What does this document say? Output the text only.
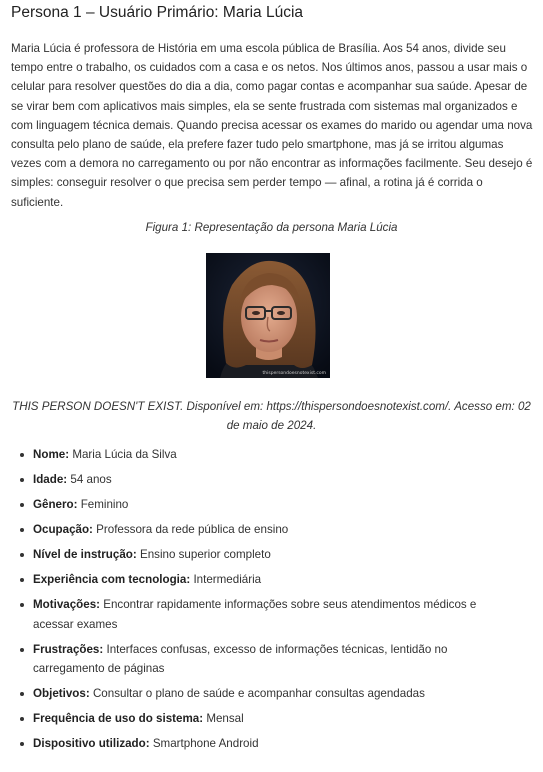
Persona 1 – Usuário Primário: Maria Lúcia

Maria Lúcia é professora de História em uma escola pública de Brasília. Aos 54 anos, divide seu tempo entre o trabalho, os cuidados com a casa e os netos. Nos últimos anos, passou a usar mais o celular para resolver questões do dia a dia, como pagar contas e acompanhar sua saúde. Apesar de se virar bem com aplicativos mais simples, ela se sente frustrada com sistemas mal organizados e com linguagem técnica demais. Quando precisa acessar os exames do marido ou agendar uma nova consulta pelo plano de saúde, ela prefere fazer tudo pelo smartphone, mas já se irritou algumas vezes com a demora no carregamento ou por não encontrar as informações facilmente. Seu desejo é simples: conseguir resolver o que precisa sem perder tempo — afinal, a rotina já é corrida o suficiente.

Figura 1: Representação da persona Maria Lúcia
thispersondoesnotexist.com

THIS PERSON DOESN'T EXIST. Disponível em: https://thispersondoesnotexist.com/. Acesso em: 02 de maio de 2024.

Nome: Maria Lúcia da Silva
Idade: 54 anos
Gênero: Feminino
Ocupação: Professora da rede pública de ensino
Nível de instrução: Ensino superior completo
Experiência com tecnologia: Intermediária
Motivações: Encontrar rapidamente informações sobre seus atendimentos médicos e acessar exames
Frustrações: Interfaces confusas, excesso de informações técnicas, lentidão no carregamento de páginas
Objetivos: Consultar o plano de saúde e acompanhar consultas agendadas
Frequência de uso do sistema: Mensal
Dispositivo utilizado: Smartphone Android
